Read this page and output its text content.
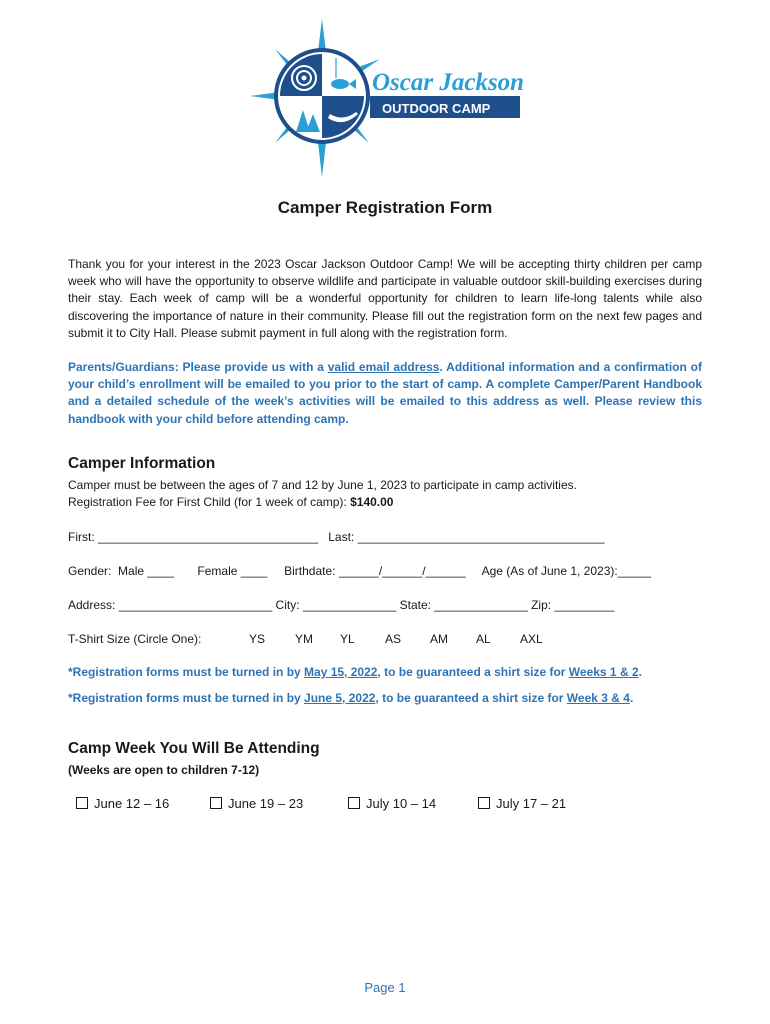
Oscar Jackson
OUTDOOR CAMP
Camper Registration Form
Thank you for your interest in the 2023 Oscar Jackson Outdoor Camp! We will be accepting thirty children per camp week who will have the opportunity to observe wildlife and participate in valuable outdoor skill-building exercises during their stay. Each week of camp will be a wonderful opportunity for children to learn life-long talents while also discovering the importance of nature in their community. Please fill out the registration form on the next few pages and submit it to City Hall. Please submit payment in full along with the registration form.
Parents/Guardians: Please provide us with a valid email address. Additional information and a confirmation of your child’s enrollment will be emailed to you prior to the start of camp. A complete Camper/Parent Handbook and a detailed schedule of the week’s activities will be emailed to this address as well. Please review this handbook with your child before attending camp.
Camper Information
Camper must be between the ages of 7 and 12 by June 1, 2023 to participate in camp activities.
Registration Fee for First Child (for 1 week of camp): $140.00
First: _________________________________   Last: _____________________________________
Gender:  Male ____       Female ____     Birthdate: ______/______/______     Age (As of June 1, 2023):_____
Address: _______________________ City: ______________ State: ______________ Zip: _________
T-Shirt Size (Circle One):	YS YM YL	AS AM AL AXL
*Registration forms must be turned in by May 15, 2022, to be guaranteed a shirt size for Weeks 1 & 2.
*Registration forms must be turned in by June 5, 2022, to be guaranteed a shirt size for Week 3 & 4.
Camp Week You Will Be Attending
(Weeks are open to children 7-12)
June 12 – 16	June 19 – 23	July 10 – 14	July 17 – 21
Page 1
